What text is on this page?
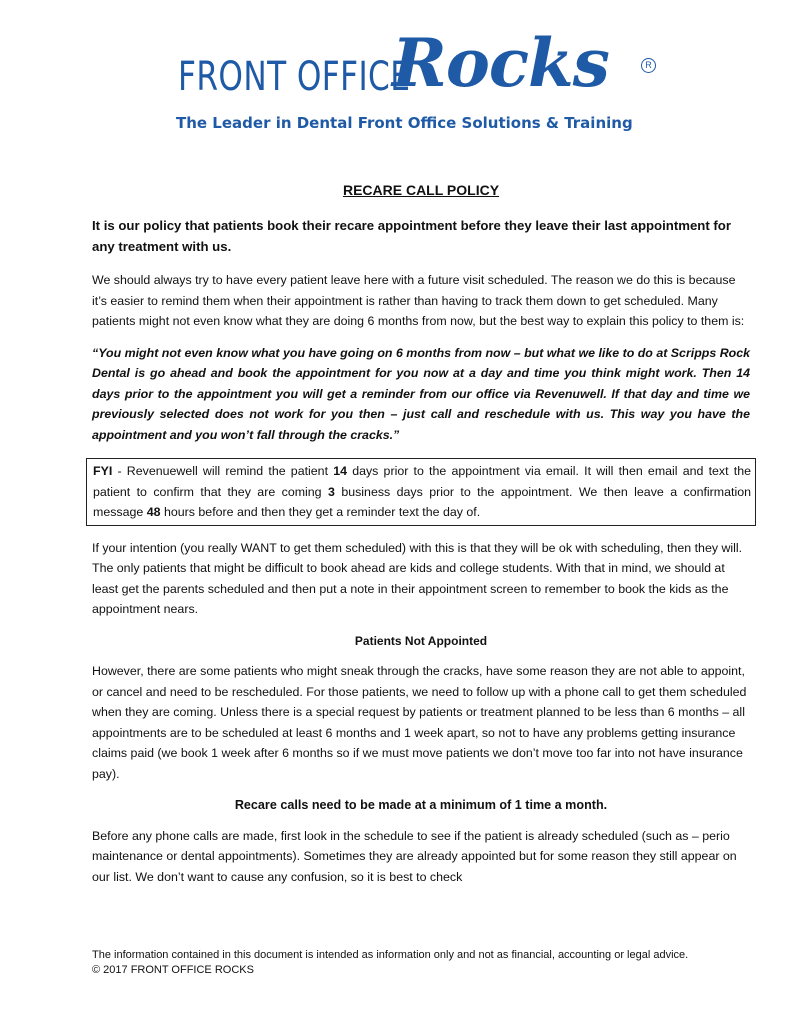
FRONT OFFICE
Rocks	R
The Leader in Dental Front Office Solutions & Training
RECARE CALL POLICY

It is our policy that patients book their recare appointment before they leave their last appointment for any treatment with us.

We should always try to have every patient leave here with a future visit scheduled. The reason we do this is because it’s easier to remind them when their appointment is rather than having to track them down to get scheduled. Many patients might not even know what they are doing 6 months from now, but the best way to explain this policy to them is:

“You might not even know what you have going on 6 months from now – but what we like to do at Scripps Rock Dental is go ahead and book the appointment for you now at a day and time you think might work. Then 14 days prior to the appointment you will get a reminder from our office via Revenuwell. If that day and time we previously selected does not work for you then – just call and reschedule with us. This way you have the appointment and you won’t fall through the cracks.”

FYI - Revenuewell will remind the patient 14 days prior to the appointment via email. It will then email and text the patient to confirm that they are coming 3 business days prior to the appointment. We then leave a confirmation message 48 hours before and then they get a reminder text the day of.

If your intention (you really WANT to get them scheduled) with this is that they will be ok with scheduling, then they will. The only patients that might be difficult to book ahead are kids and college students. With that in mind, we should at least get the parents scheduled and then put a note in their appointment screen to remember to book the kids as the appointment nears.

Patients Not Appointed

However, there are some patients who might sneak through the cracks, have some reason they are not able to appoint, or cancel and need to be rescheduled. For those patients, we need to follow up with a phone call to get them scheduled when they are coming. Unless there is a special request by patients or treatment planned to be less than 6 months – all appointments are to be scheduled at least 6 months and 1 week apart, so not to have any problems getting insurance claims paid (we book 1 week after 6 months so if we must move patients we don’t move too far into not have insurance pay).

Recare calls need to be made at a minimum of 1 time a month.

Before any phone calls are made, first look in the schedule to see if the patient is already scheduled (such as – perio maintenance or dental appointments). Sometimes they are already appointed but for some reason they still appear on our list. We don’t want to cause any confusion, so it is best to check

The information contained in this document is intended as information only and not as financial, accounting or legal advice.
© 2017 FRONT OFFICE ROCKS
